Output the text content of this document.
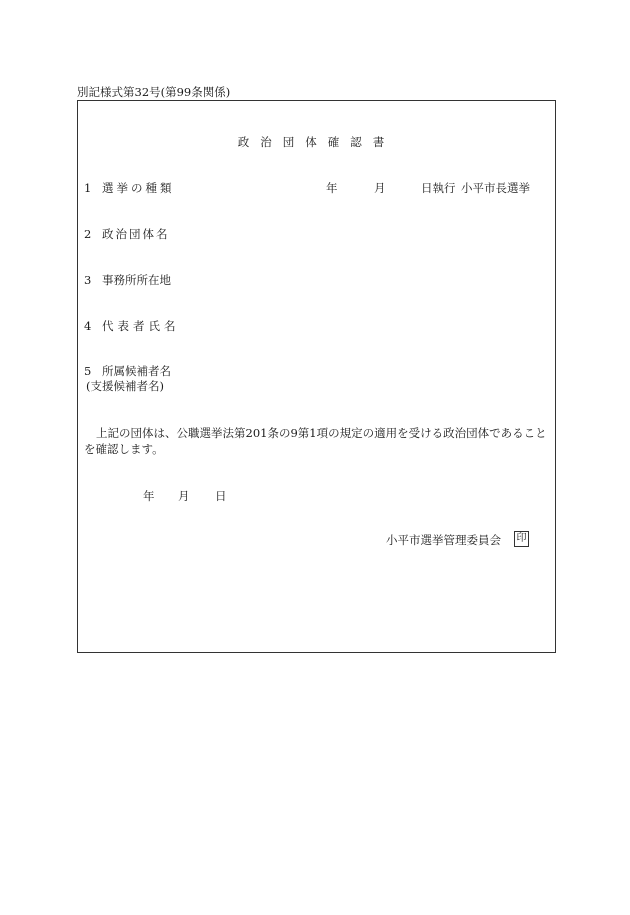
別記様式第32号(第99条関係)
政治団体確認書
1 選挙の種類	年	月	日執行 小平市長選挙
2 政治団体名
3 事務所所在地
4 代表者氏名
5 所属候補者名
(支援候補者名)
上記の団体は、公職選挙法第201条の9第1項の規定の適用を受ける政治団体であることを確認します。
年 月 日
小平市選挙管理委員会 印
